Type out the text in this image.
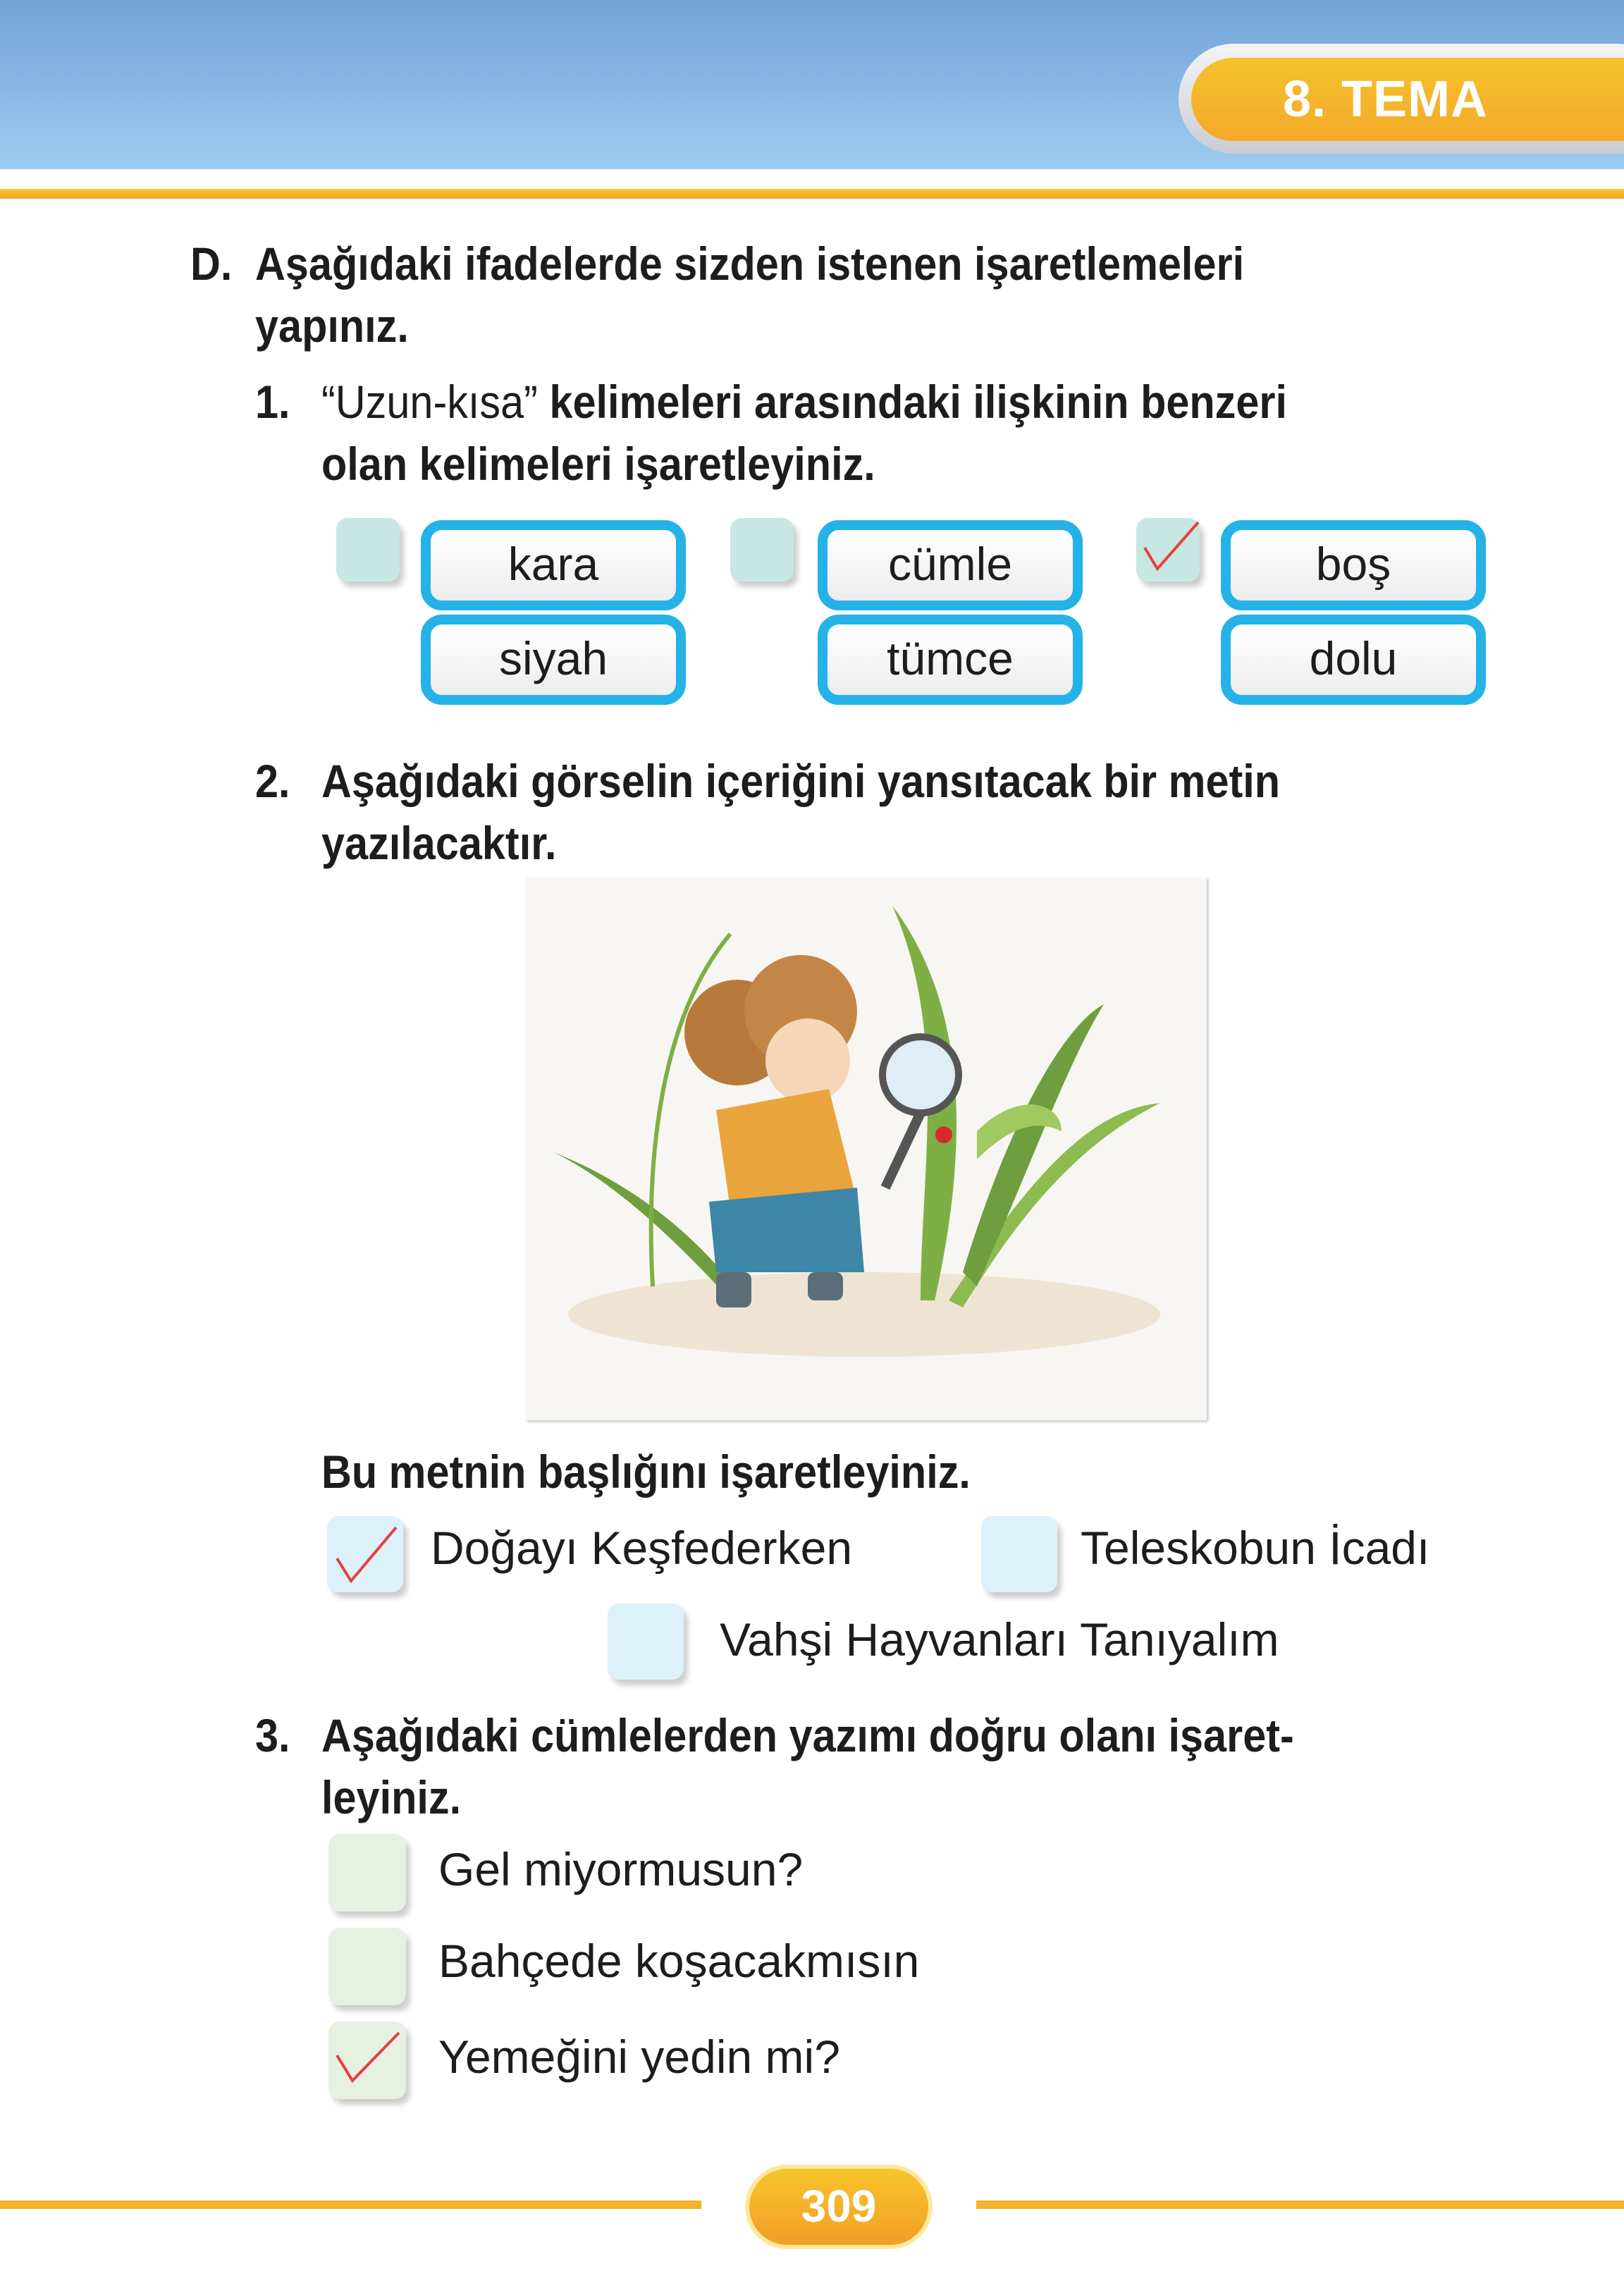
8. TEMA
D. Aşağıdaki ifadelerde sizden istenen işaretlemeleri
yapınız.
1. “Uzun-kısa” kelimeleri arasındaki ilişkinin benzeri
olan kelimeleri işaretleyiniz.
kara
siyah
cümle
tümce
boş
dolu
2. Aşağıdaki görselin içeriğini yansıtacak bir metin
yazılacaktır.
Bu metnin başlığını işaretleyiniz.
Doğayı Keşfederken	Teleskobun İcadı
Vahşi Hayvanları Tanıyalım
3. Aşağıdaki cümlelerden yazımı doğru olanı işaret-
leyiniz.
Gel miyormusun?
Bahçede koşacakmısın
Yemeğini yedin mi?
309
